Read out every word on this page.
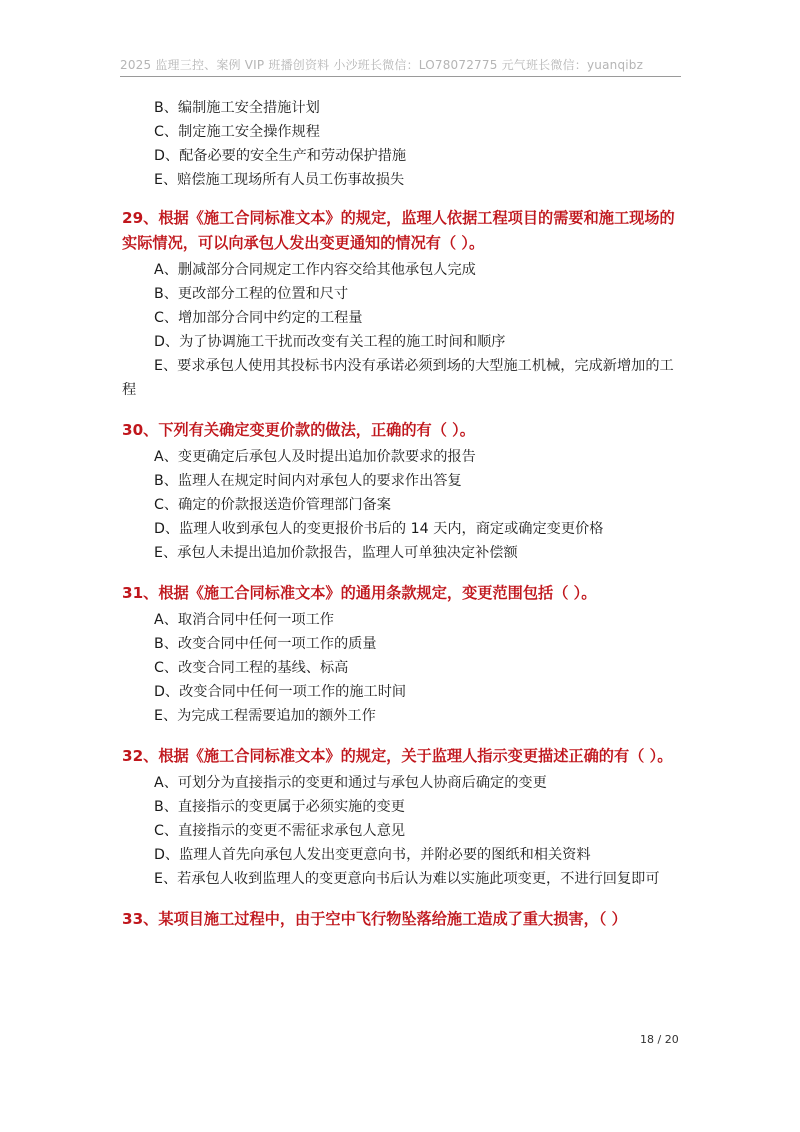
2025 监理三控、案例 VIP 班播创资料 小沙班长微信：LO78072775 元气班长微信：yuanqibz

B、编制施工安全措施计划

C、制定施工安全操作规程

D、配备必要的安全生产和劳动保护措施

E、赔偿施工现场所有人员工伤事故损失

29、根据《施工合同标准文本》的规定，监理人依据工程项目的需要和施工现场的实际情况，可以向承包人发出变更通知的情况有（ ）。

A、删减部分合同规定工作内容交给其他承包人完成

B、更改部分工程的位置和尺寸

C、增加部分合同中约定的工程量

D、为了协调施工干扰而改变有关工程的施工时间和顺序

E、要求承包人使用其投标书内没有承诺必须到场的大型施工机械，完成新增加的工程

30、下列有关确定变更价款的做法，正确的有（ ）。

A、变更确定后承包人及时提出追加价款要求的报告

B、监理人在规定时间内对承包人的要求作出答复

C、确定的价款报送造价管理部门备案

D、监理人收到承包人的变更报价书后的 14 天内，商定或确定变更价格

E、承包人未提出追加价款报告，监理人可单独决定补偿额

31、根据《施工合同标准文本》的通用条款规定，变更范围包括（ ）。

A、取消合同中任何一项工作

B、改变合同中任何一项工作的质量

C、改变合同工程的基线、标高

D、改变合同中任何一项工作的施工时间

E、为完成工程需要追加的额外工作

32、根据《施工合同标准文本》的规定，关于监理人指示变更描述正确的有（ ）。

A、可划分为直接指示的变更和通过与承包人协商后确定的变更

B、直接指示的变更属于必须实施的变更

C、直接指示的变更不需征求承包人意见

D、监理人首先向承包人发出变更意向书，并附必要的图纸和相关资料

E、若承包人收到监理人的变更意向书后认为难以实施此项变更，不进行回复即可

33、某项目施工过程中，由于空中飞行物坠落给施工造成了重大损害，（ ）

18 / 20
